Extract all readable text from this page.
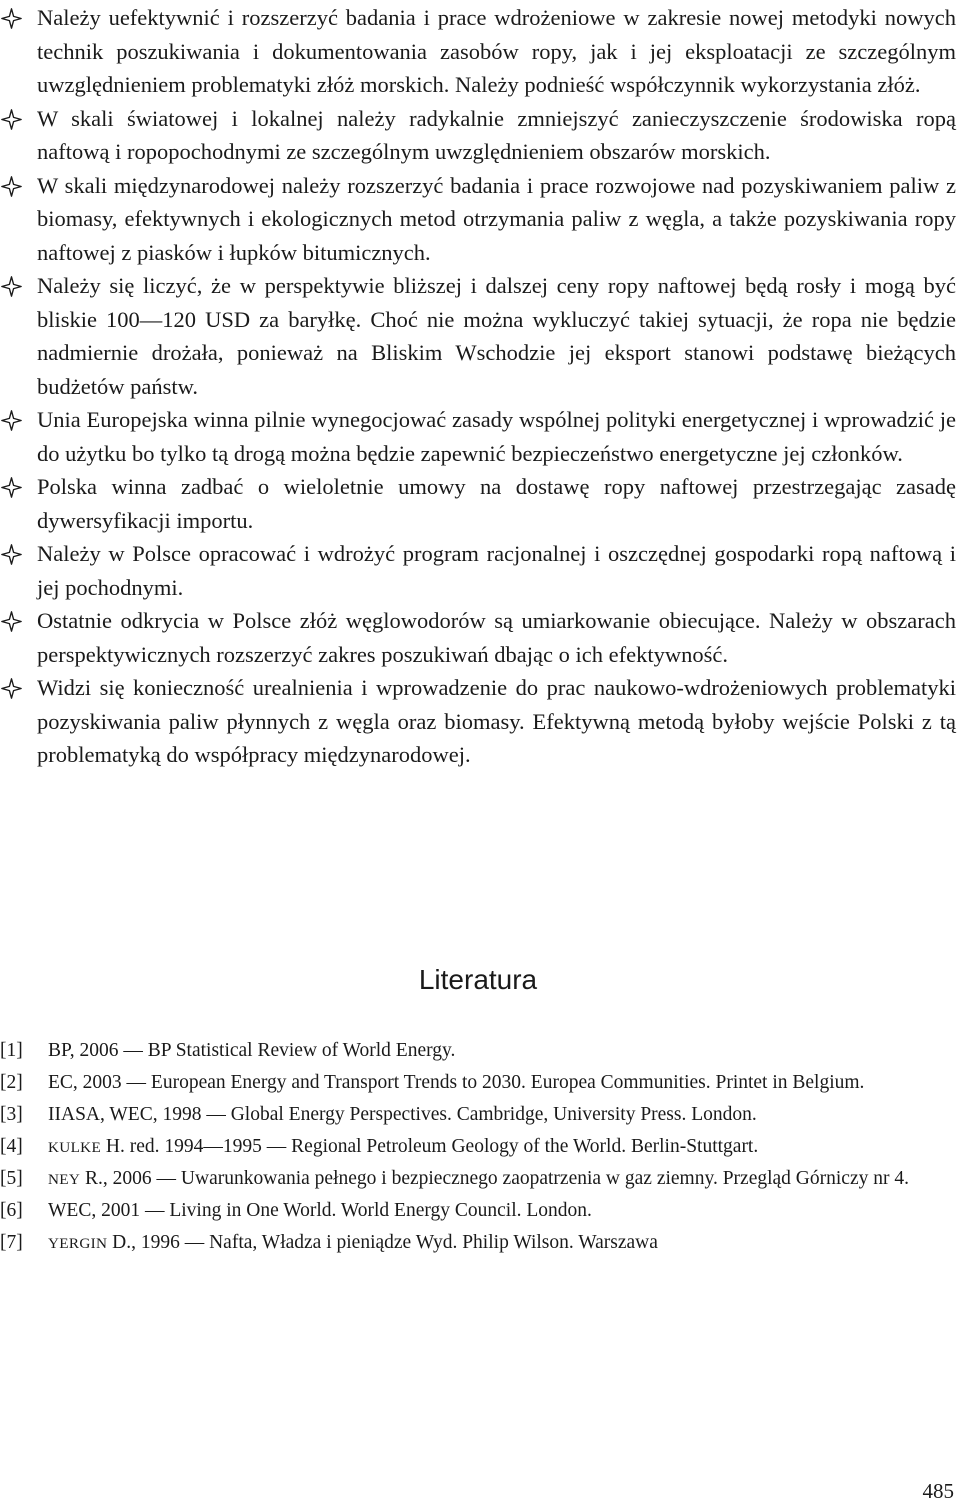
Należy uefektywnić i rozszerzyć badania i prace wdrożeniowe w zakresie nowej metodyki nowych technik poszukiwania i dokumentowania zasobów ropy, jak i jej eksploatacji ze szczególnym uwzględnieniem problematyki złóż morskich. Należy podnieść współczynnik wykorzystania złóż.
W skali światowej i lokalnej należy radykalnie zmniejszyć zanieczyszczenie środowiska ropą naftową i ropopochodnymi ze szczególnym uwzględnieniem obszarów morskich.
W skali międzynarodowej należy rozszerzyć badania i prace rozwojowe nad pozyskiwaniem paliw z biomasy, efektywnych i ekologicznych metod otrzymania paliw z węgla, a także pozyskiwania ropy naftowej z piasków i łupków bitumicznych.
Należy się liczyć, że w perspektywie bliższej i dalszej ceny ropy naftowej będą rosły i mogą być bliskie 100—120 USD za baryłkę. Choć nie można wykluczyć takiej sytuacji, że ropa nie będzie nadmiernie drożała, ponieważ na Bliskim Wschodzie jej eksport stanowi podstawę bieżących budżetów państw.
Unia Europejska winna pilnie wynegocjować zasady wspólnej polityki energetycznej i wprowadzić je do użytku bo tylko tą drogą można będzie zapewnić bezpieczeństwo energetyczne jej członków.
Polska winna zadbać o wieloletnie umowy na dostawę ropy naftowej przestrzegając zasadę dywersyfikacji importu.
Należy w Polsce opracować i wdrożyć program racjonalnej i oszczędnej gospodarki ropą naftową i jej pochodnymi.
Ostatnie odkrycia w Polsce złóż węglowodorów są umiarkowanie obiecujące. Należy w obszarach perspektywicznych rozszerzyć zakres poszukiwań dbając o ich efektywność.
Widzi się konieczność urealnienia i wprowadzenie do prac naukowo-wdrożeniowych problematyki pozyskiwania paliw płynnych z węgla oraz biomasy. Efektywną metodą byłoby wejście Polski z tą problematyką do współpracy międzynarodowej.
Literatura
[1] BP, 2006 — BP Statistical Review of World Energy.
[2] EC, 2003 — European Energy and Transport Trends to 2030. Europea Communities. Printet in Belgium.
[3] IIASA, WEC, 1998 — Global Energy Perspectives. Cambridge, University Press. London.
[4] KULKE H. red. 1994—1995 — Regional Petroleum Geology of the World. Berlin-Stuttgart.
[5] NEY R., 2006 — Uwarunkowania pełnego i bezpiecznego zaopatrzenia w gaz ziemny. Przegląd Górniczy nr 4.
[6] WEC, 2001 — Living in One World. World Energy Council. London.
[7] YERGIN D., 1996 — Nafta, Władza i pieniądze Wyd. Philip Wilson. Warszawa
485
